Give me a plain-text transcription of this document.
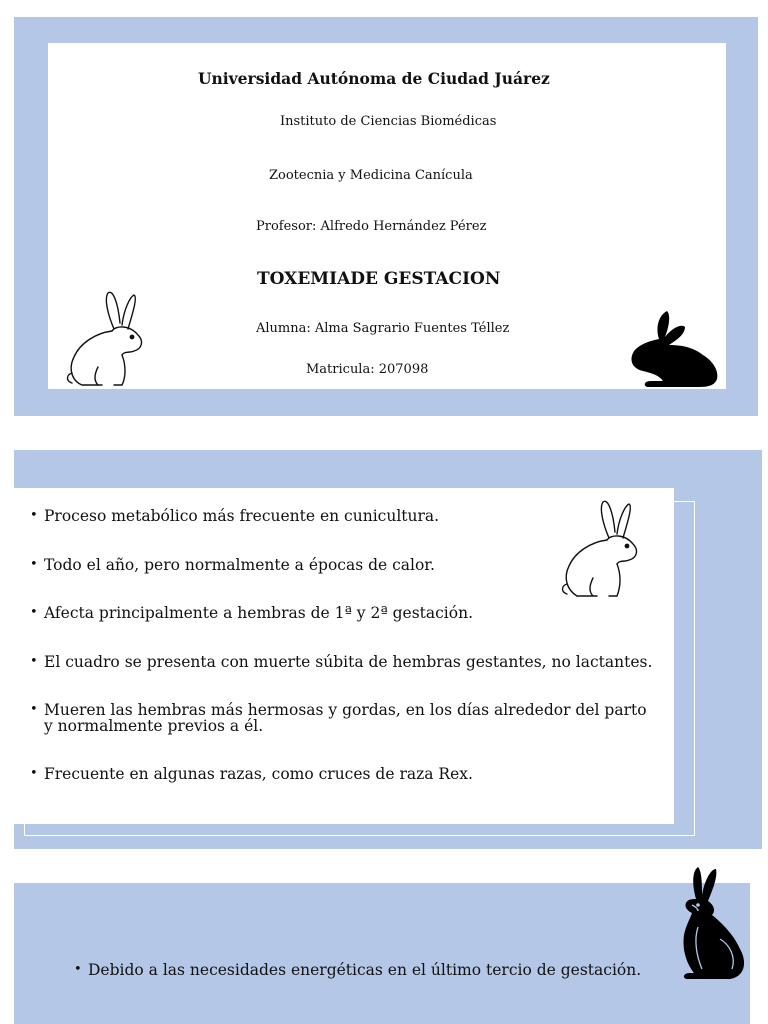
Universidad Autónoma de Ciudad Juárez
Instituto de Ciencias Biomédicas
Zootecnia y Medicina Canícula
Profesor: Alfredo Hernández Pérez
TOXEMIADE GESTACION
Alumna: Alma Sagrario Fuentes Téllez
Matricula: 207098
• Proceso metabólico más frecuente en cunicultura.
• Todo el año, pero normalmente a épocas de calor.
• Afecta principalmente a hembras de 1ª y 2ª gestación.
• El cuadro se presenta con muerte súbita de hembras gestantes, no lactantes.
• Mueren las hembras más hermosas y gordas, en los días alrededor del parto y normalmente previos a él.
• Frecuente en algunas razas, como cruces de raza Rex.
• Debido a las necesidades energéticas en el último tercio de gestación.
